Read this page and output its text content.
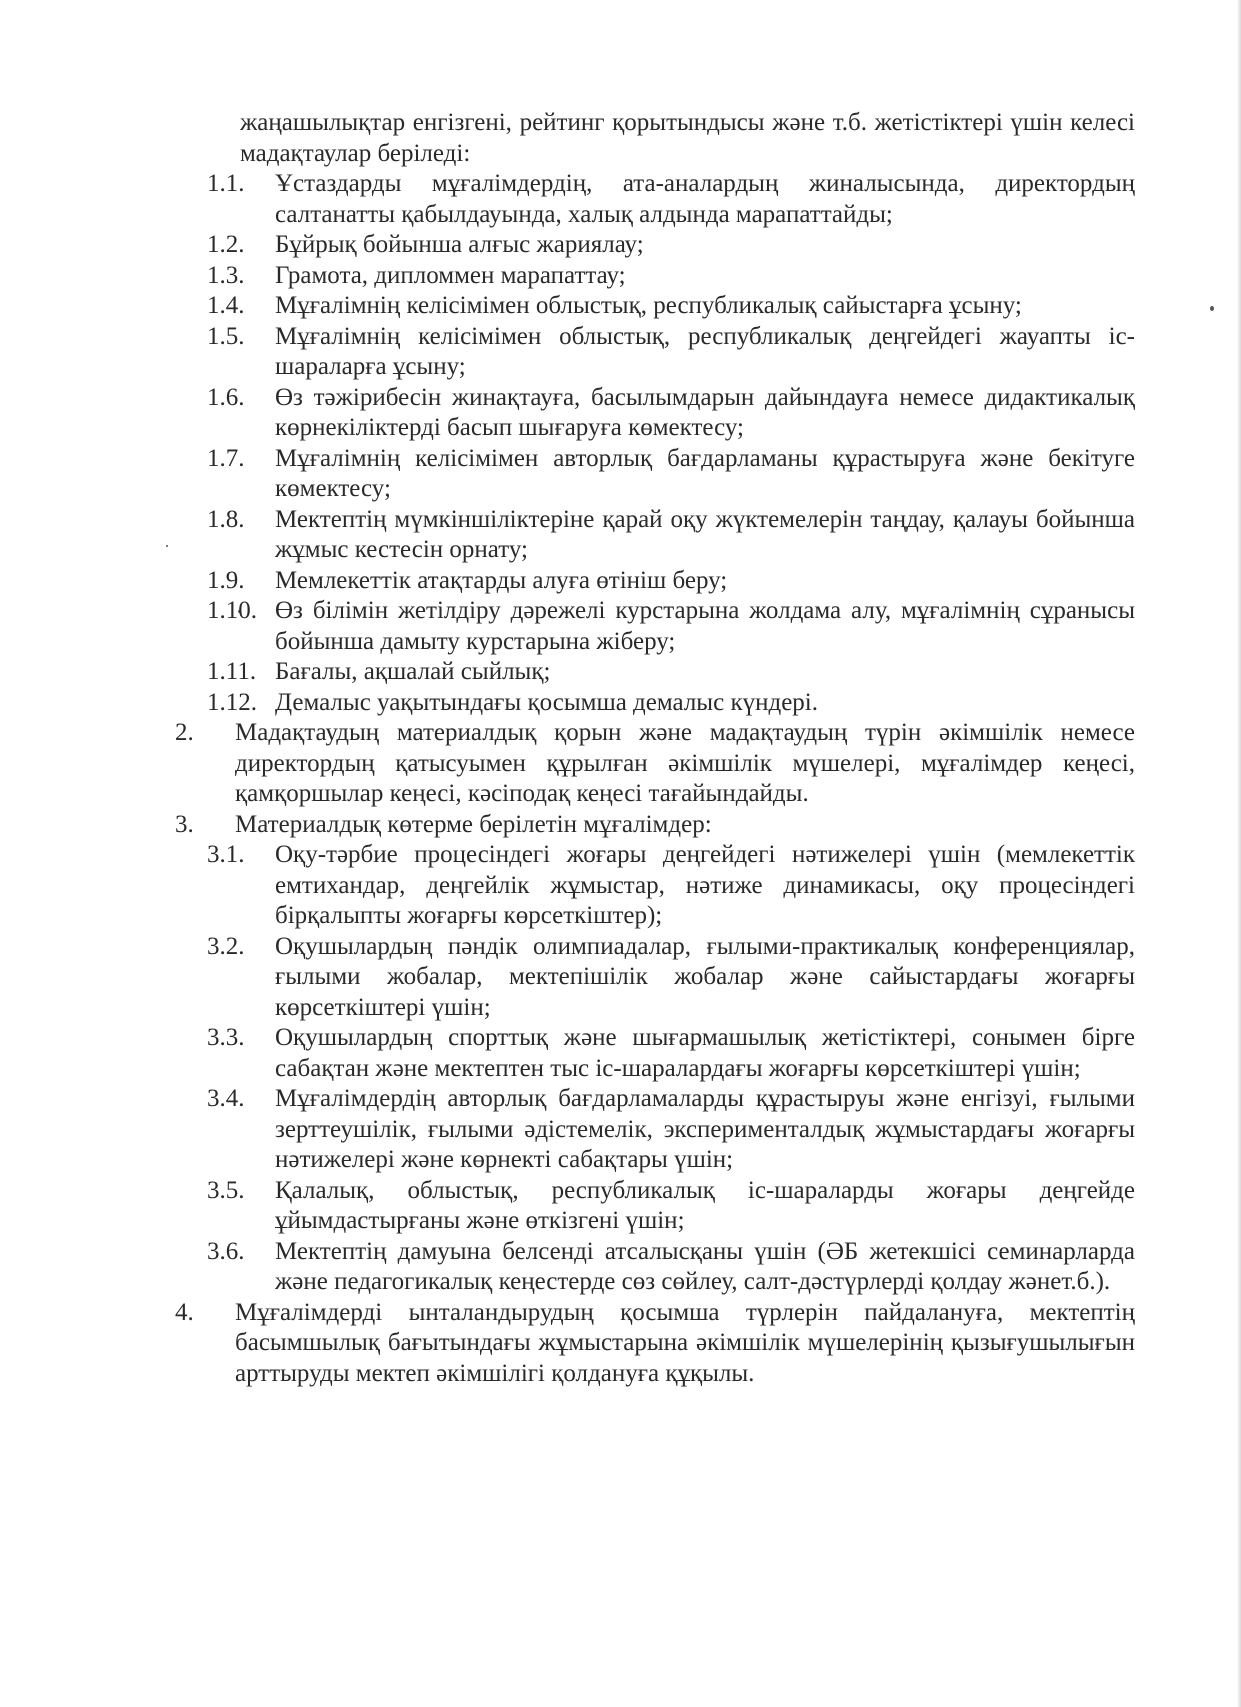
жаңашылықтар енгізгені, рейтинг қорытындысы және т.б. жетістіктері үшін келесі мадақтаулар беріледі:
1.1.	Ұстаздарды мұғалімдердің, ата-аналардың жиналысында, директордың салтанатты қабылдауында, халық алдында марапаттайды;
1.2.	Бұйрық бойынша алғыс жариялау;
1.3.	Грамота, дипломмен марапаттау;
1.4.	Мұғалімнің келісімімен облыстық, республикалық сайыстарға ұсыну;
1.5.	Мұғалімнің келісімімен облыстық, республикалық деңгейдегі жауапты іс-шараларға ұсыну;
1.6.	Өз тәжірибесін жинақтауға, басылымдарын дайындауға немесе дидактикалық көрнекіліктерді басып шығаруға көмектесу;
1.7.	Мұғалімнің келісімімен авторлық бағдарламаны құрастыруға және бекітуге көмектесу;
1.8.	Мектептің мүмкіншіліктеріне қарай оқу жүктемелерін таңдау, қалауы бойынша жұмыс кестесін орнату;
1.9.	Мемлекеттік атақтарды алуға өтініш беру;
1.10. Өз білімін жетілдіру дәрежелі курстарына жолдама алу, мұғалімнің сұранысы бойынша дамыту курстарына жіберу;
1.11. Бағалы, ақшалай сыйлық;
1.12. Демалыс уақытындағы қосымша демалыс күндері.
2.	Мадақтаудың материалдық қорын және мадақтаудың түрін әкімшілік немесе директордың қатысуымен құрылған әкімшілік мүшелері, мұғалімдер кеңесі, қамқоршылар кеңесі, кәсіподақ кеңесі тағайындайды.
3.	Материалдық көтерме берілетін мұғалімдер:
3.1.	Оқу-тәрбие процесіндегі жоғары деңгейдегі нәтижелері үшін (мемлекеттік емтихандар, деңгейлік жұмыстар, нәтиже динамикасы, оқу процесіндегі бірқалыпты жоғарғы көрсеткіштер);
3.2.	Оқушылардың пәндік олимпиадалар, ғылыми-практикалық конференциялар, ғылыми жобалар, мектепішілік жобалар және сайыстардағы жоғарғы көрсеткіштері үшін;
3.3.	Оқушылардың спорттық және шығармашылық жетістіктері, сонымен бірге сабақтан және мектептен тыс іс-шаралардағы жоғарғы көрсеткіштері үшін;
3.4.	Мұғалімдердің авторлық бағдарламаларды құрастыруы және енгізуі, ғылыми зерттеушілік, ғылыми әдістемелік, эксперименталдық жұмыстардағы жоғарғы нәтижелері және көрнекті сабақтары үшін;
3.5.	Қалалық, облыстық, республикалық іс-шараларды жоғары деңгейде ұйымдастырғаны және өткізгені үшін;
3.6.	Мектептің дамуына белсенді атсалысқаны үшін (ӘБ жетекшісі семинарларда және педагогикалық кеңестерде сөз сөйлеу, салт-дәстүрлерді қолдау жәнет.б.).
4.	Мұғалімдерді ынталандырудың қосымша түрлерін пайдалануға, мектептің басымшылық бағытындағы жұмыстарына әкімшілік мүшелерінің қызығушылығын арттыруды мектеп әкімшілігі қолдануға құқылы.
